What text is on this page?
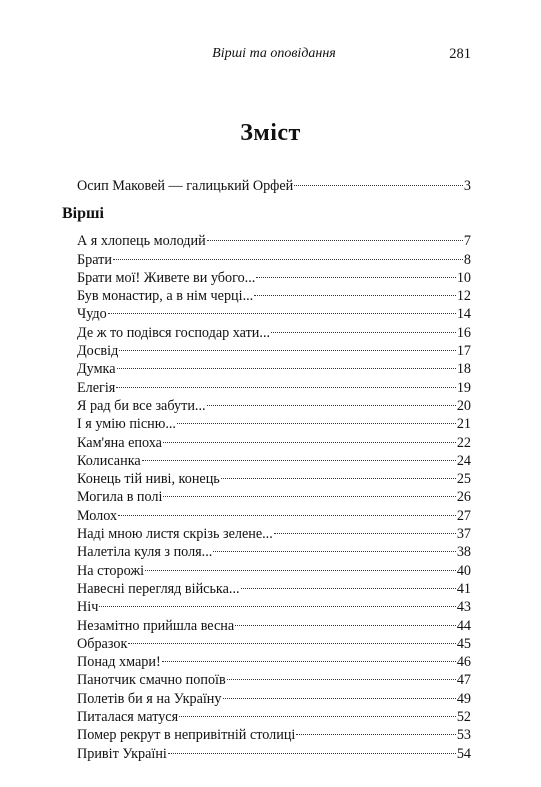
Вірші та оповідання	281
Зміст
Осип Маковей — галицький Орфей	3
Вірші
А я хлопець молодий	7
Брати	8
Брати мої! Живете ви убого...	10
Був монастир, а в нім черці...	12
Чудо	14
Де ж то подівся господар хати...	16
Досвід	17
Думка	18
Елегія	19
Я рад би все забути...	20
І я умію пісню...	21
Кам'яна епоха	22
Колисанка	24
Конець тій ниві, конець	25
Могила в полі	26
Молох	27
Наді мною листя скрізь зелене...	37
Налетіла куля з поля...	38
На сторожі	40
Навесні перегляд війська...	41
Ніч	43
Незамітно прийшла весна	44
Образок	45
Понад хмари!	46
Панотчик смачно попоїв	47
Полетів би я на Україну	49
Питалася матуся	52
Помер рекрут в непривітній столиці	53
Привіт Україні	54
